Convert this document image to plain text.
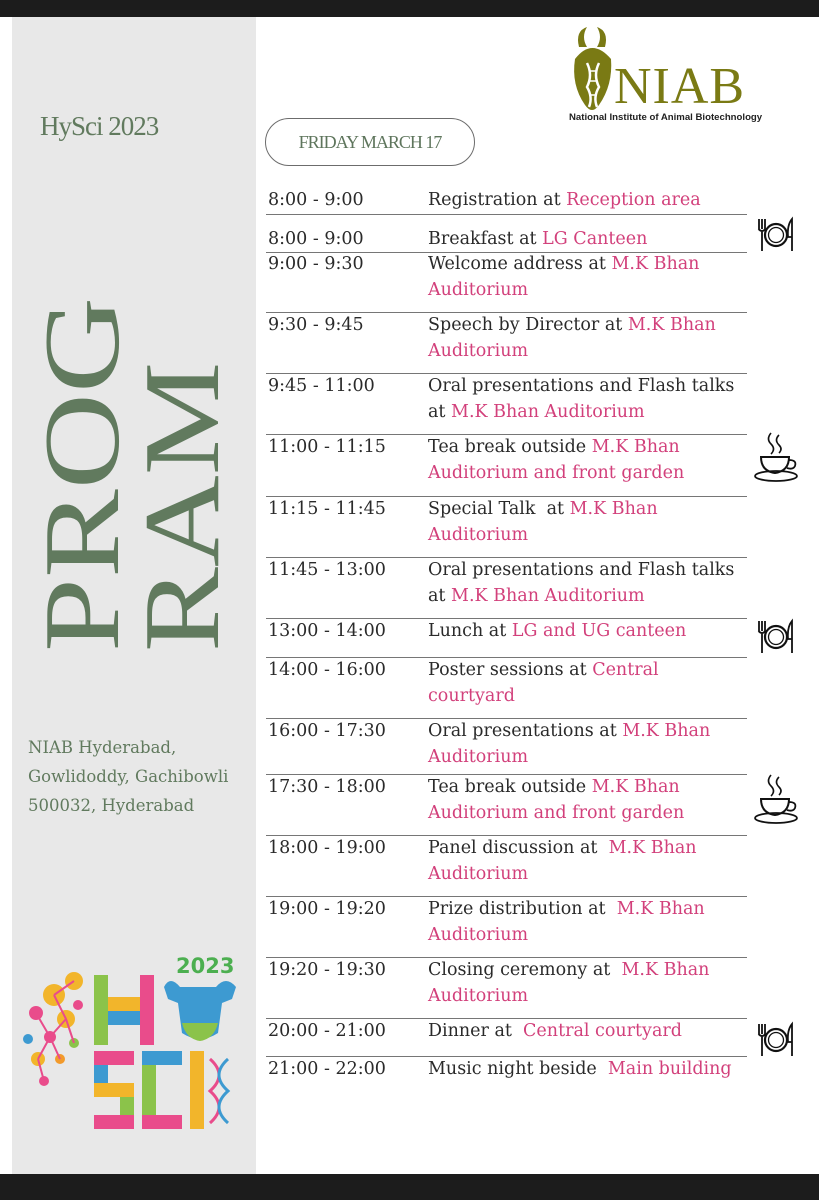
HySci 2023
PROG
RAM
NIAB Hyderabad,
Gowlidoddy, Gachibowli
500032, Hyderabad
2023
NIAB
National Institute of Animal Biotechnology
FRIDAY MARCH 17
8:00 - 9:00	Registration at Reception area
8:00 - 9:00	Breakfast at LG Canteen
9:00 - 9:30	Welcome address at M.K Bhan Auditorium
9:30 - 9:45	Speech by Director at M.K Bhan Auditorium
9:45 - 11:00	Oral presentations and Flash talks at M.K Bhan Auditorium
11:00 - 11:15 Tea break outside M.K Bhan Auditorium and front garden
11:15 - 11:45 Special Talk  at M.K Bhan Auditorium
11:45 - 13:00 Oral presentations and Flash talks at M.K Bhan Auditorium
13:00 - 14:00 Lunch at LG and UG canteen
14:00 - 16:00 Poster sessions at Central courtyard
16:00 - 17:30 Oral presentations at M.K Bhan Auditorium
17:30 - 18:00 Tea break outside M.K Bhan Auditorium and front garden
18:00 - 19:00 Panel discussion at  M.K Bhan Auditorium
19:00 - 19:20 Prize distribution at  M.K Bhan Auditorium
19:20 - 19:30 Closing ceremony at  M.K Bhan Auditorium
20:00 - 21:00 Dinner at  Central courtyard
21:00 - 22:00 Music night beside  Main building
